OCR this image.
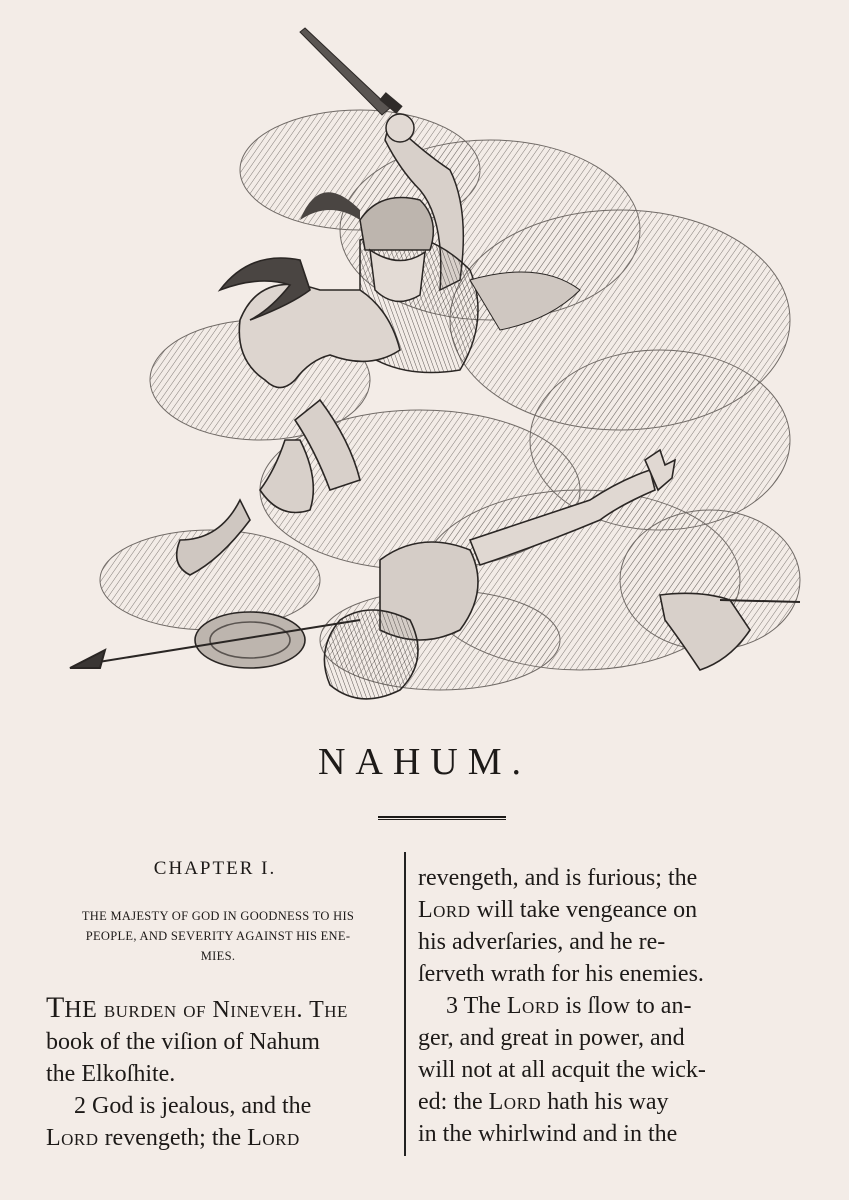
NAHUM.
CHAPTER I.
THE MAJESTY OF GOD IN GOODNESS TO HIS
PEOPLE, AND SEVERITY AGAINST HIS ENE-
MIES.
THE burden of Nineveh. The
book of the viſion of Nahum
the Elkoſhite.
2 God is jealous, and the
Lord revengeth; the Lord
revengeth, and is furious; the
Lord will take vengeance on
his adverſaries, and he re-
ſerveth wrath for his enemies.
3 The Lord is ſlow to an-
ger, and great in power, and
will not at all acquit the wick-
ed: the Lord hath his way
in the whirlwind and in the
